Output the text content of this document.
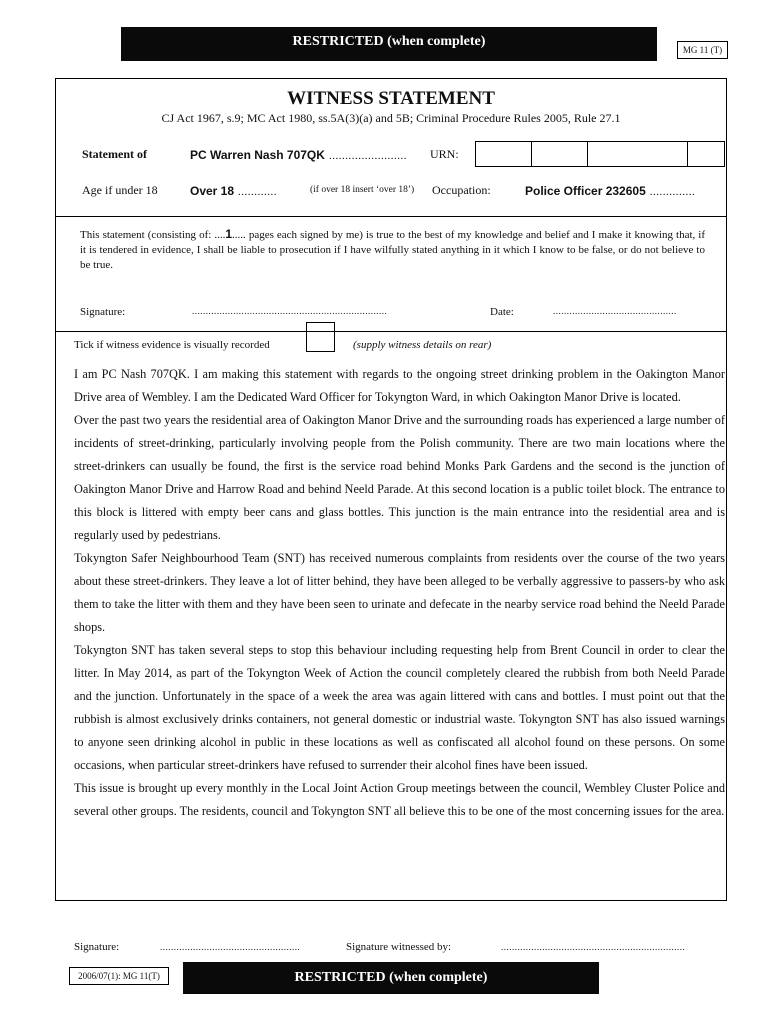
RESTRICTED (when complete)
MG 11 (T)
WITNESS STATEMENT
CJ Act 1967, s.9; MC Act 1980, ss.5A(3)(a) and 5B; Criminal Procedure Rules 2005, Rule 27.1
Statement of	PC Warren Nash 707QK ........................ URN:
Age if under 18	Over 18 ............	(if over 18 insert ‘over 18’) Occupation:	Police Officer 232605 ..............
This statement (consisting of: ....1..... pages each signed by me) is true to the best of my knowledge and belief and I make it knowing that, if it is tendered in evidence, I shall be liable to prosecution if I have wilfully stated anything in it which I know to be false, or do not believe to be true.
Signature:	.......................................................................	Date:	.............................................
Tick if witness evidence is visually recorded	(supply witness details on rear)

I am PC Nash 707QK. I am making this statement with regards to the ongoing street drinking problem in the Oakington Manor Drive area of Wembley. I am the Dedicated Ward Officer for Tokyngton Ward, in which Oakington Manor Drive is located.

Over the past two years the residential area of Oakington Manor Drive and the surrounding roads has experienced a large number of incidents of street-drinking, particularly involving people from the Polish community. There are two main locations where the street-drinkers can usually be found, the first is the service road behind Monks Park Gardens and the second is the junction of Oakington Manor Drive and Harrow Road and behind Neeld Parade. At this second location is a public toilet block. The entrance to this block is littered with empty beer cans and glass bottles. This junction is the main entrance into the residential area and is regularly used by pedestrians.

Tokyngton Safer Neighbourhood Team (SNT) has received numerous complaints from residents over the course of the two years about these street-drinkers. They leave a lot of litter behind, they have been alleged to be verbally aggressive to passers-by who ask them to take the litter with them and they have been seen to urinate and defecate in the nearby service road behind the Neeld Parade shops.

Tokyngton SNT has taken several steps to stop this behaviour including requesting help from Brent Council in order to clear the litter. In May 2014, as part of the Tokyngton Week of Action the council completely cleared the rubbish from both Neeld Parade and the junction. Unfortunately in the space of a week the area was again littered with cans and bottles. I must point out that the rubbish is almost exclusively drinks containers, not general domestic or industrial waste. Tokyngton SNT has also issued warnings to anyone seen drinking alcohol in public in these locations as well as confiscated all alcohol found on these persons. On some occasions, when particular street-drinkers have refused to surrender their alcohol fines have been issued.

This issue is brought up every monthly in the Local Joint Action Group meetings between the council, Wembley Cluster Police and several other groups. The residents, council and Tokyngton SNT all believe this to be one of the most concerning issues for the area.

Signature:	...................................................	Signature witnessed by:	...................................................................
2006/07(1): MG 11(T)	RESTRICTED (when complete)
